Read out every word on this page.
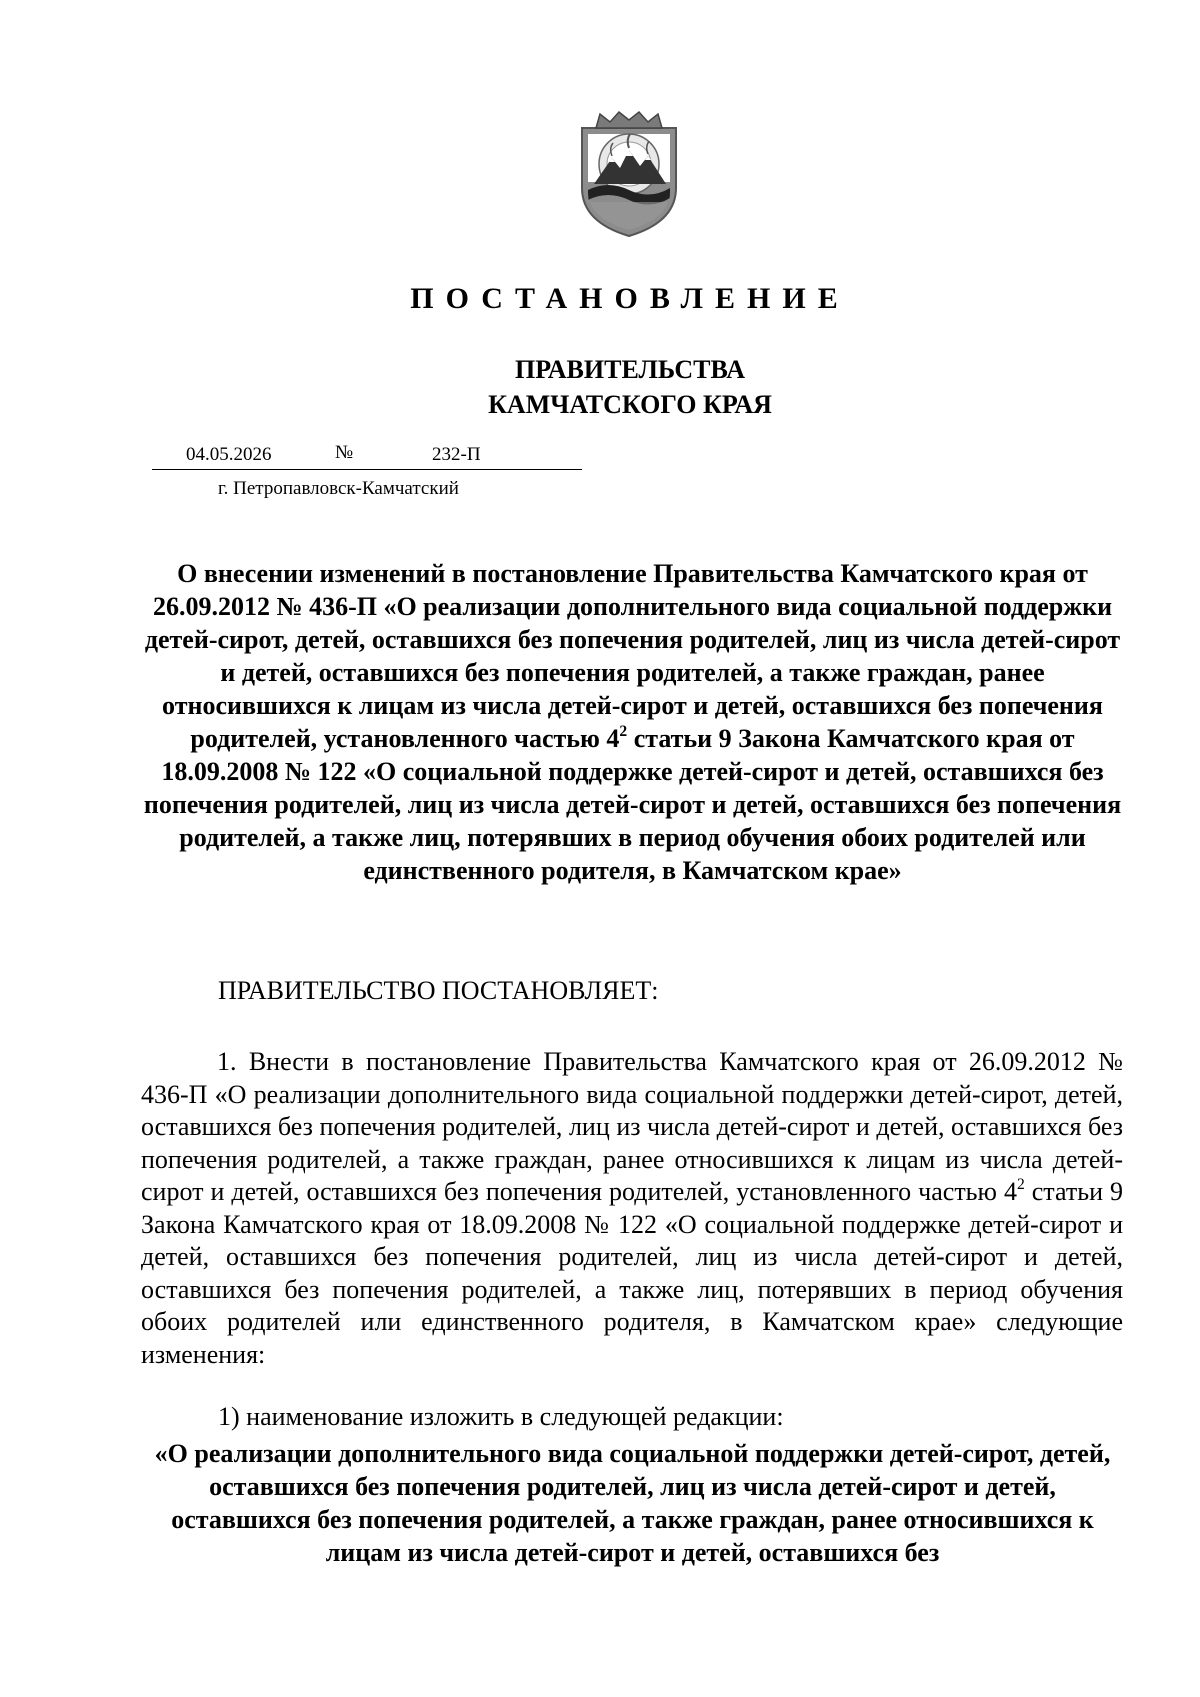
ПОСТАНОВЛЕНИЕ
ПРАВИТЕЛЬСТВА
КАМЧАТСКОГО КРАЯ
04.05.2026	№	232-П
г. Петропавловск-Камчатский

О внесении изменений в постановление Правительства Камчатского края от 26.09.2012 № 436-П «О реализации дополнительного вида социальной поддержки детей-сирот, детей, оставшихся без попечения родителей, лиц из числа детей-сирот и детей, оставшихся без попечения родителей, а также граждан, ранее относившихся к лицам из числа детей-сирот и детей, оставшихся без попечения родителей, установленного частью $4^2$ статьи 9 Закона Камчатского края от 18.09.2008 № 122 «О социальной поддержке детей-сирот и детей, оставшихся без попечения родителей, лиц из числа детей-сирот и детей, оставшихся без попечения родителей, а также лиц, потерявших в период обучения обоих родителей или единственного родителя, в Камчатском крае»

ПРАВИТЕЛЬСТВО ПОСТАНОВЛЯЕТ:

1. Внести в постановление Правительства Камчатского края от 26.09.2012 № 436-П «О реализации дополнительного вида социальной поддержки детей-сирот, детей, оставшихся без попечения родителей, лиц из числа детей-сирот и детей, оставшихся без попечения родителей, а также граждан, ранее относившихся к лицам из числа детей-сирот и детей, оставшихся без попечения родителей, установленного частью $4^2$ статьи 9 Закона Камчатского края от 18.09.2008 № 122 «О социальной поддержке детей-сирот и детей, оставшихся без попечения родителей, лиц из числа детей-сирот и детей, оставшихся без попечения родителей, а также лиц, потерявших в период обучения обоих родителей или единственного родителя, в Камчатском крае» следующие изменения:

1) наименование изложить в следующей редакции:

«О реализации дополнительного вида социальной поддержки детей-сирот, детей, оставшихся без попечения родителей, лиц из числа детей-сирот и детей, оставшихся без попечения родителей, а также граждан, ранее относившихся к лицам из числа детей-сирот и детей, оставшихся без
